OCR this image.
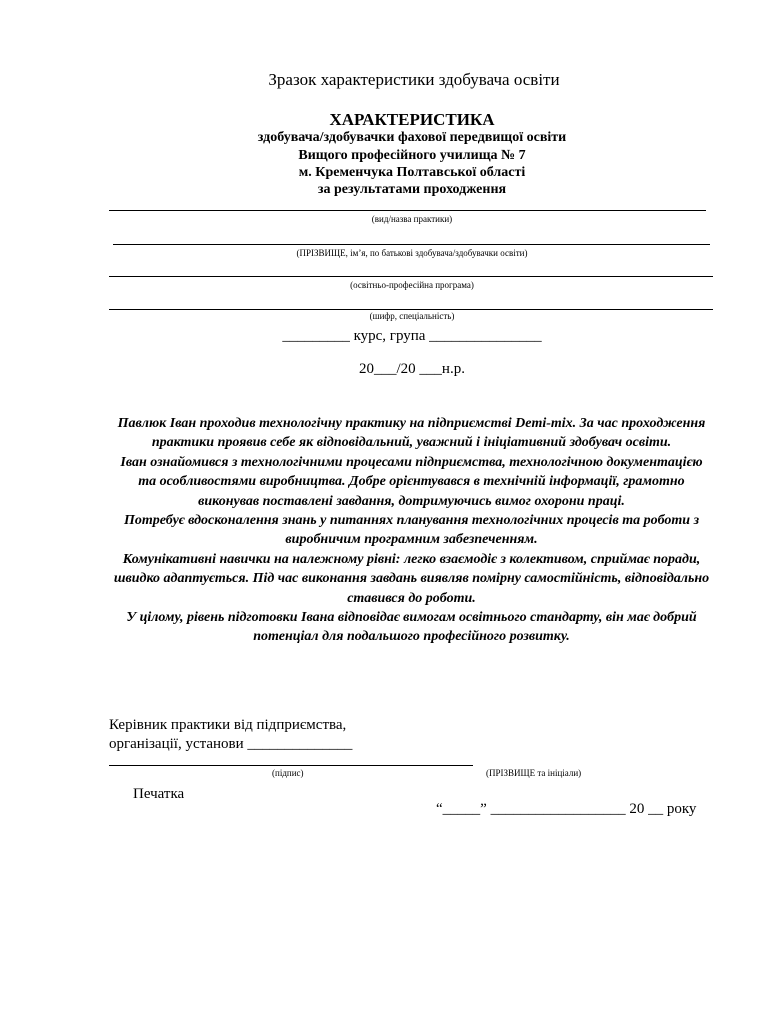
Зразок характеристики здобувача освіти
ХАРАКТЕРИСТИКА
здобувача/здобувачки фахової передвищої освіти
Вищого професійного училища № 7
м. Кременчука Полтавської області
за результатами проходження
(вид/назва практики)
(ПРІЗВИЩЕ, ім’я, по батькові здобувача/здобувачки освіти)
(освітньо-професійна програма)
(шифр, спеціальність)
_________ курс, група _______________
20___/20 ___н.р.

Павлюк Іван проходив технологічну практику на підприємстві Deті-тіх. За час проходження практики проявив себе як відповідальний, уважний і ініціативний здобувач освіти.

Іван ознайомився з технологічними процесами підприємства, технологічною документацією та особливостями виробництва. Добре орієнтувався в технічній інформації, грамотно виконував поставлені завдання, дотримуючись вимог охорони праці.

Потребує вдосконалення знань у питаннях планування технологічних процесів та роботи з виробничим програмним забезпеченням.

Комунікативні навички на належному рівні: легко взаємодіє з колективом, сприймає поради, швидко адаптується. Під час виконання завдань виявляв помірну самостійність, відповідально ставився до роботи.

У цілому, рівень підготовки Івана відповідає вимогам освітнього стандарту, він має добрий потенціал для подальшого професійного розвитку.

Керівник практики від підприємства,
організації, установи ______________
(підпис)	(ПРІЗВИЩЕ та ініціали)
Печатка
“_____” __________________ 20 __ року
